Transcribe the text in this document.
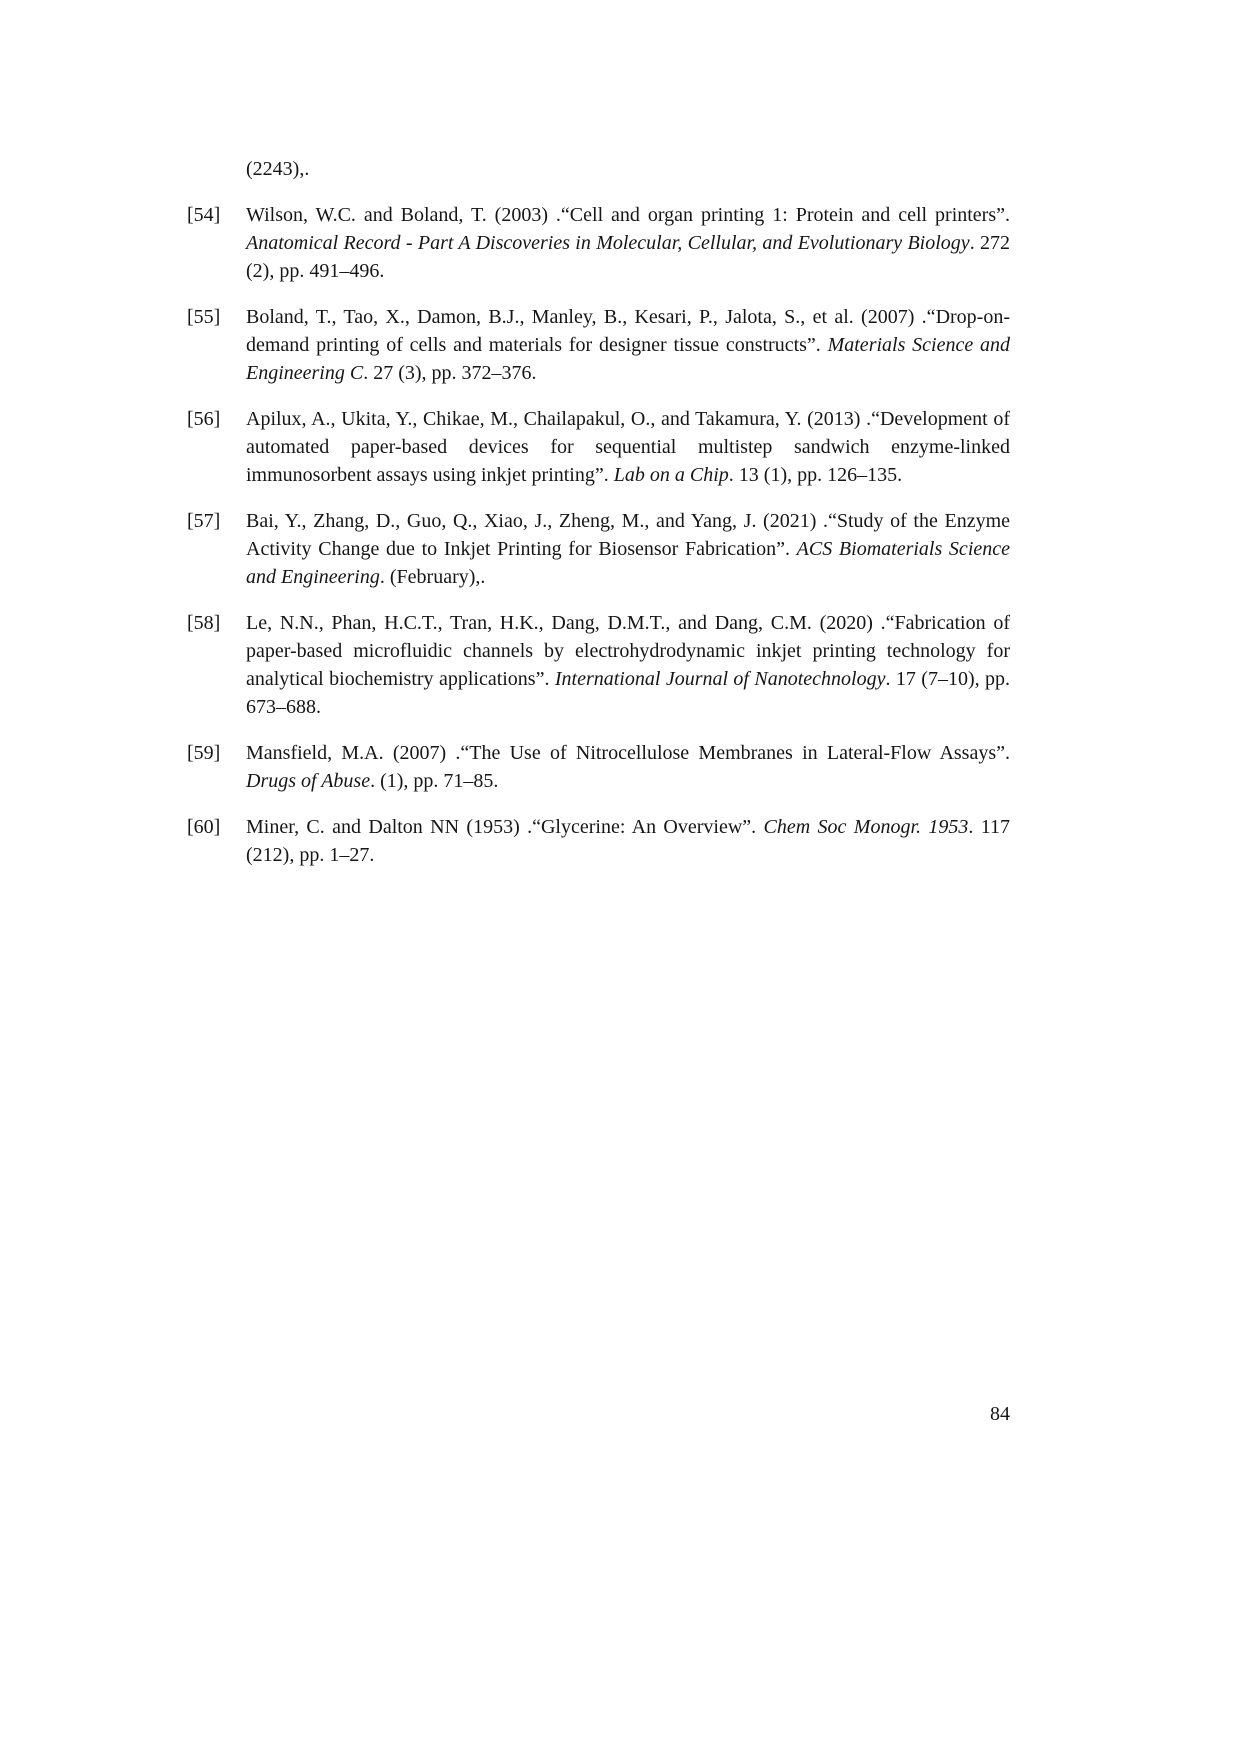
(2243),.

[54] Wilson, W.C. and Boland, T. (2003) .“Cell and organ printing 1: Protein and cell printers”. Anatomical Record - Part A Discoveries in Molecular, Cellular, and Evolutionary Biology. 272 (2), pp. 491–496.
[55] Boland, T., Tao, X., Damon, B.J., Manley, B., Kesari, P., Jalota, S., et al. (2007) .“Drop-on-demand printing of cells and materials for designer tissue constructs”. Materials Science and Engineering C. 27 (3), pp. 372–376.
[56] Apilux, A., Ukita, Y., Chikae, M., Chailapakul, O., and Takamura, Y. (2013) .“Development of automated paper-based devices for sequential multistep sandwich enzyme-linked immunosorbent assays using inkjet printing”. Lab on a Chip. 13 (1), pp. 126–135.
[57] Bai, Y., Zhang, D., Guo, Q., Xiao, J., Zheng, M., and Yang, J. (2021) .“Study of the Enzyme Activity Change due to Inkjet Printing for Biosensor Fabrication”. ACS Biomaterials Science and Engineering. (February),.
[58] Le, N.N., Phan, H.C.T., Tran, H.K., Dang, D.M.T., and Dang, C.M. (2020) .“Fabrication of paper-based microfluidic channels by electrohydrodynamic inkjet printing technology for analytical biochemistry applications”. International Journal of Nanotechnology. 17 (7–10), pp. 673–688.
[59] Mansfield, M.A. (2007) .“The Use of Nitrocellulose Membranes in Lateral-Flow Assays”. Drugs of Abuse. (1), pp. 71–85.
[60] Miner, C. and Dalton NN (1953) .“Glycerine: An Overview”. Chem Soc Monogr. 1953. 117 (212), pp. 1–27.
84
